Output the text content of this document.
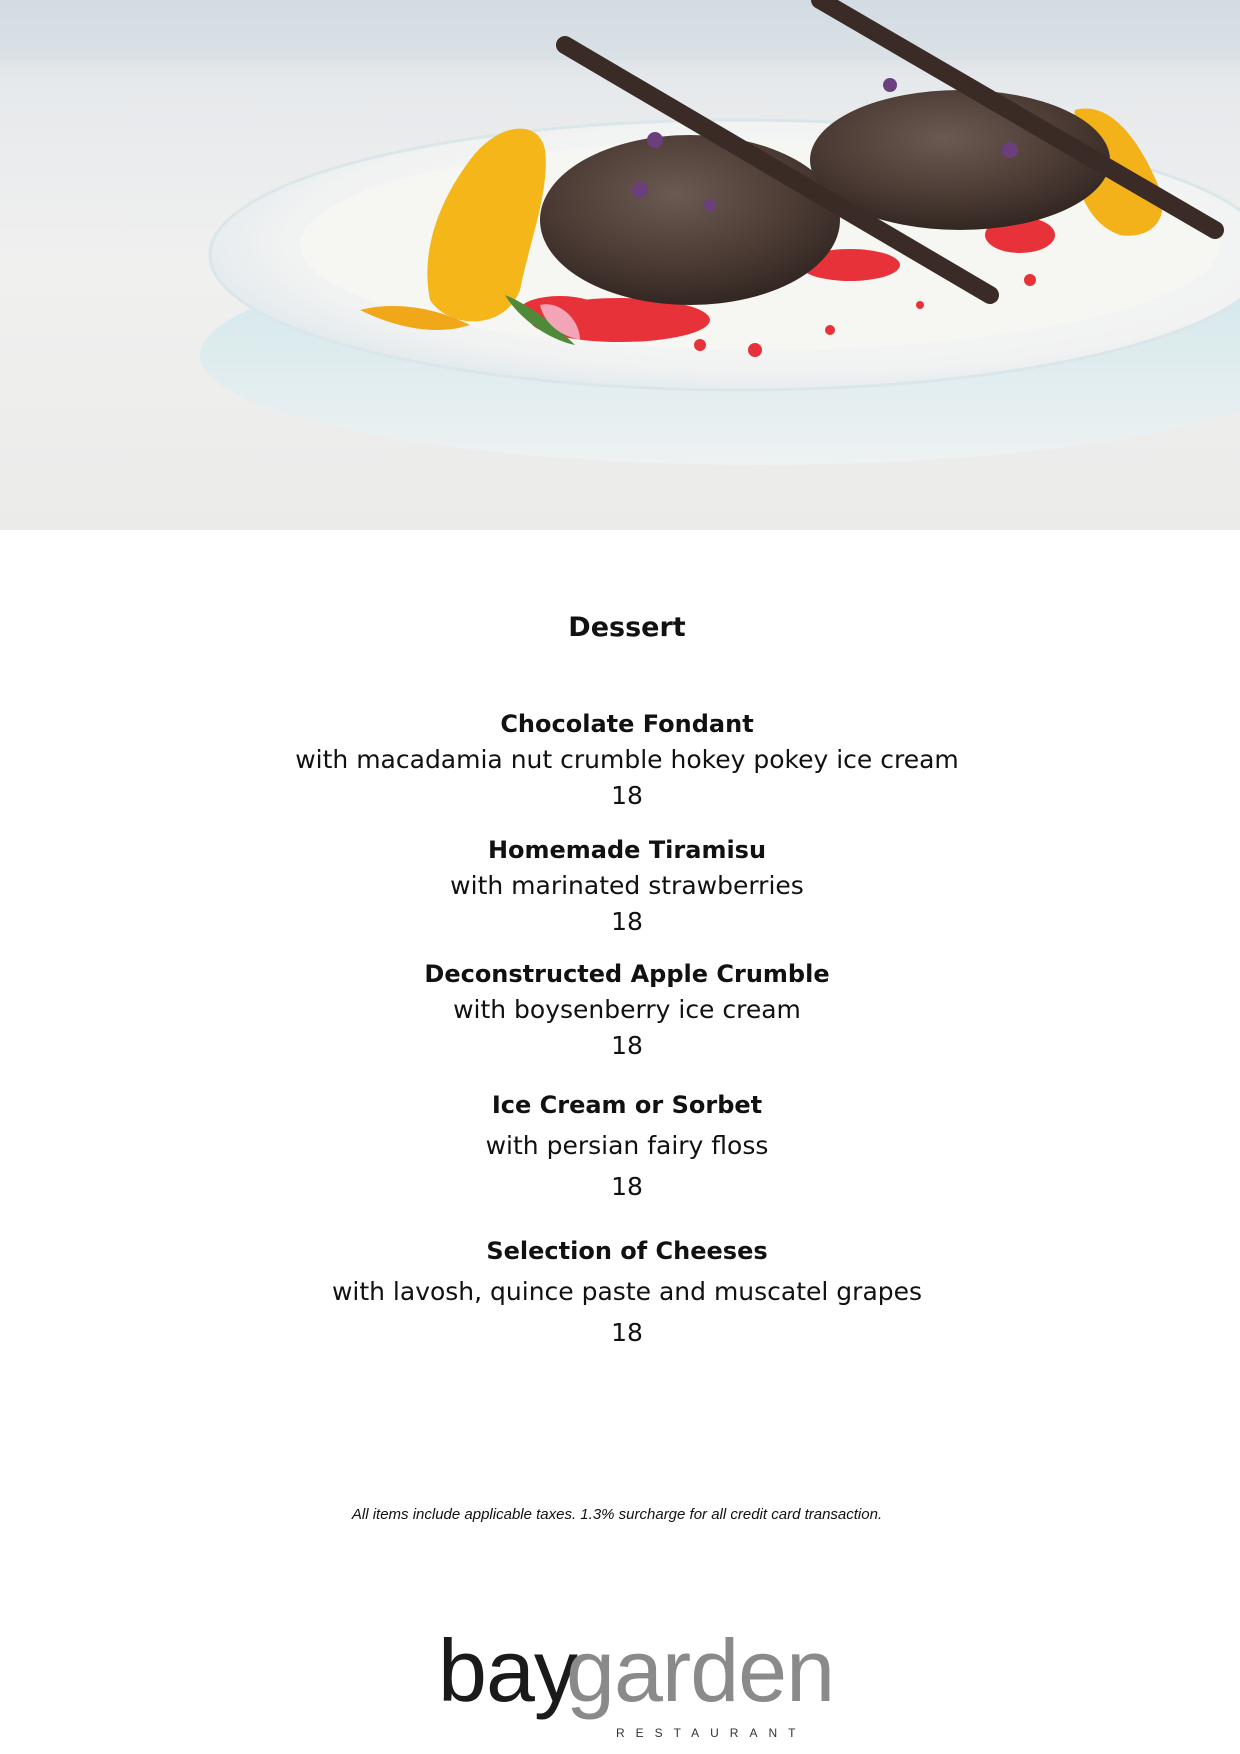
Dessert
Chocolate Fondant
with macadamia nut crumble hokey pokey ice cream
18
Homemade Tiramisu
with marinated strawberries
18
Deconstructed Apple Crumble
with boysenberry ice cream
18
Ice Cream or Sorbet
with persian fairy floss
18
Selection of Cheeses
with lavosh, quince paste and muscatel grapes
18
All items include applicable taxes. 1.3% surcharge for all credit card transaction.
bay
garden
RESTAURANT
